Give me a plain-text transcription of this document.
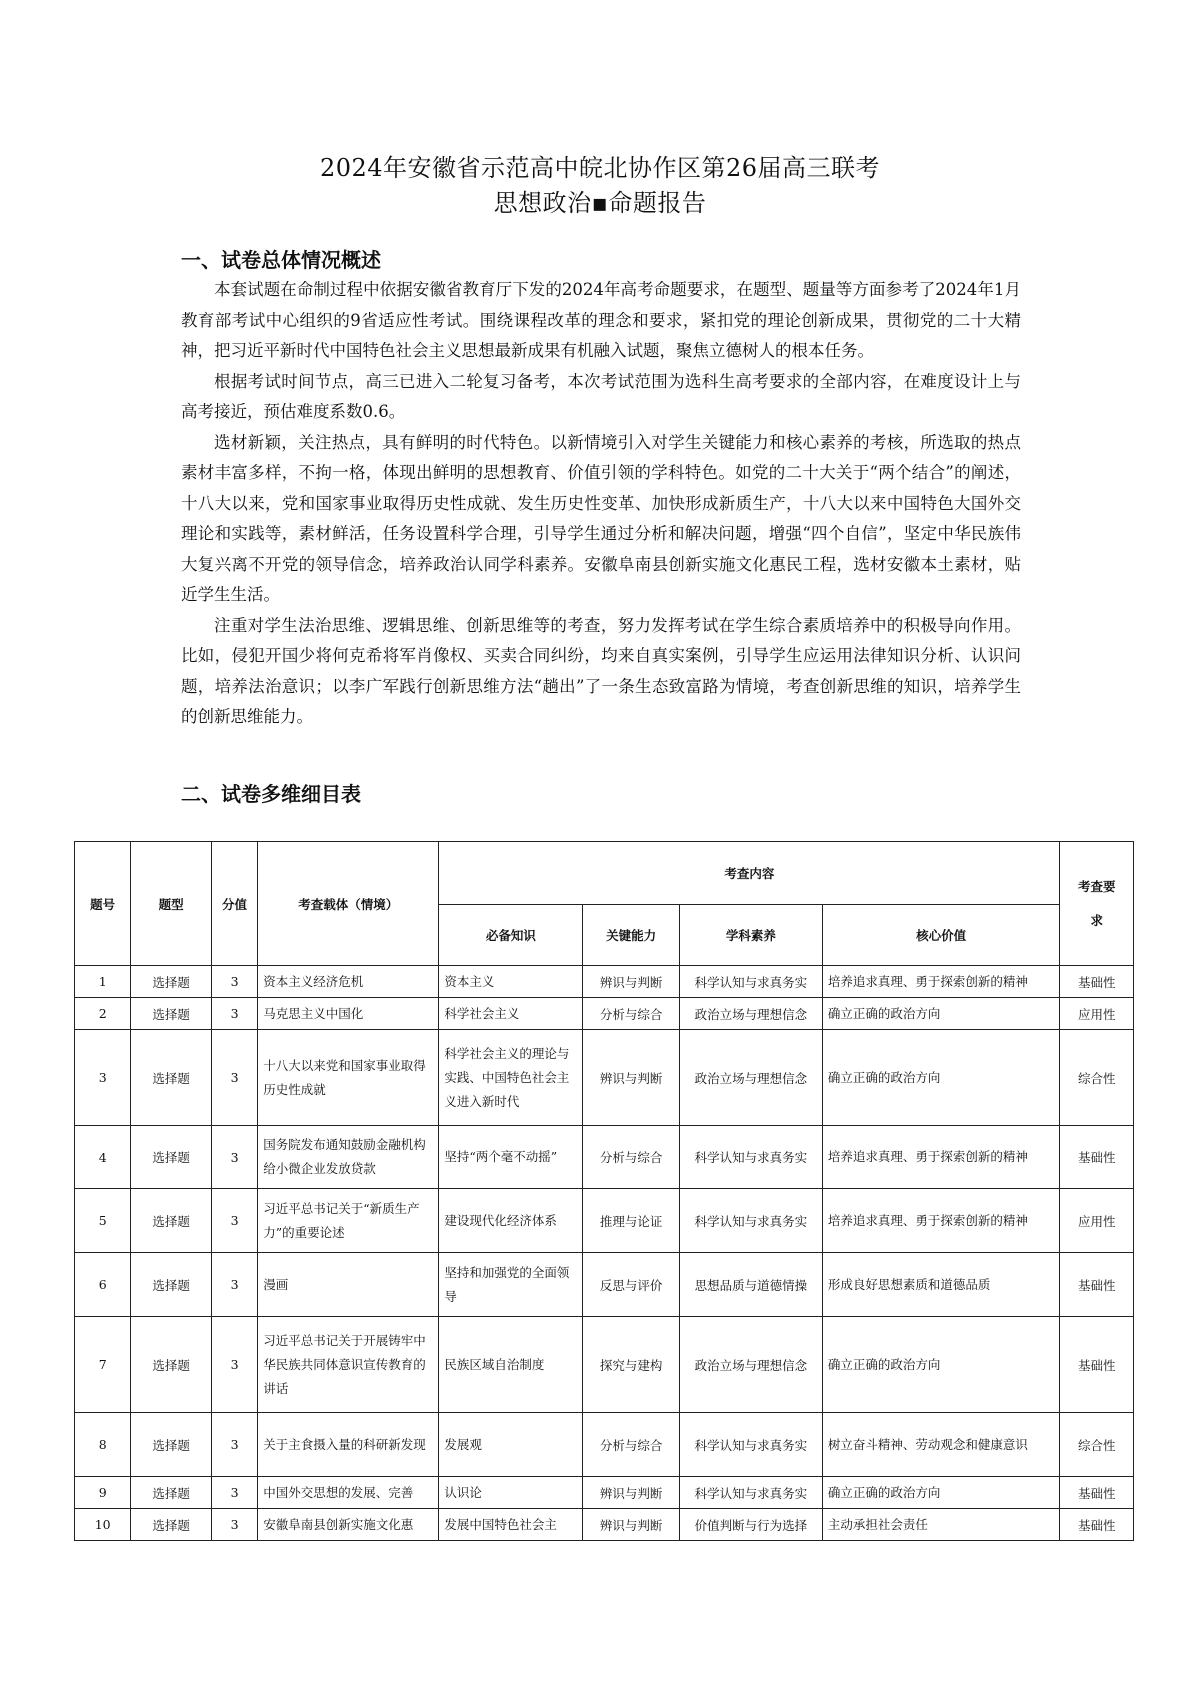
2024年安徽省示范高中皖北协作区第26届高三联考
思想政治▪命题报告
一、试卷总体情况概述

本套试题在命制过程中依据安徽省教育厅下发的2024年高考命题要求，在题型、题量等方面参考了2024年1月教育部考试中心组织的9省适应性考试。围绕课程改革的理念和要求，紧扣党的理论创新成果，贯彻党的二十大精神，把习近平新时代中国特色社会主义思想最新成果有机融入试题，聚焦立德树人的根本任务。

根据考试时间节点，高三已进入二轮复习备考，本次考试范围为选科生高考要求的全部内容，在难度设计上与高考接近，预估难度系数0.6。

选材新颖，关注热点，具有鲜明的时代特色。以新情境引入对学生关键能力和核心素养的考核，所选取的热点素材丰富多样，不拘一格，体现出鲜明的思想教育、价值引领的学科特色。如党的二十大关于“两个结合”的阐述，十八大以来，党和国家事业取得历史性成就、发生历史性变革、加快形成新质生产，十八大以来中国特色大国外交理论和实践等，素材鲜活，任务设置科学合理，引导学生通过分析和解决问题，增强“四个自信”，坚定中华民族伟大复兴离不开党的领导信念，培养政治认同学科素养。安徽阜南县创新实施文化惠民工程，选材安徽本土素材，贴近学生生活。

注重对学生法治思维、逻辑思维、创新思维等的考查，努力发挥考试在学生综合素质培养中的积极导向作用。比如，侵犯开国少将何克希将军肖像权、买卖合同纠纷，均来自真实案例，引导学生应运用法律知识分析、认识问题，培养法治意识；以李广军践行创新思维方法“趟出”了一条生态致富路为情境，考查创新思维的知识，培养学生的创新思维能力。

二、试卷多维细目表
题号	题型	分值	考查载体（情境）	考查内容				考查要
求

				必备知识	关键能力	学科素养	核心价值	
1	选择题	3	资本主义经济危机	资本主义	辨识与判断	科学认知与求真务实	培养追求真理、勇于探索创新的精神	基础性
2	选择题	3	马克思主义中国化	科学社会主义	分析与综合	政治立场与理想信念	确立正确的政治方向	应用性
3	选择题	3	十八大以来党和国家事业取得历史性成就	科学社会主义的理论与实践、中国特色社会主义进入新时代	辨识与判断	政治立场与理想信念	确立正确的政治方向	综合性
4	选择题	3	国务院发布通知鼓励金融机构给小微企业发放贷款	坚持“两个毫不动摇”	分析与综合	科学认知与求真务实	培养追求真理、勇于探索创新的精神	基础性
5	选择题	3	习近平总书记关于“新质生产力”的重要论述	建设现代化经济体系	推理与论证	科学认知与求真务实	培养追求真理、勇于探索创新的精神	应用性
6	选择题	3	漫画	坚持和加强党的全面领导	反思与评价	思想品质与道德情操	形成良好思想素质和道德品质	基础性
7	选择题	3	习近平总书记关于开展铸牢中华民族共同体意识宣传教育的讲话	民族区域自治制度	探究与建构	政治立场与理想信念	确立正确的政治方向	基础性
8	选择题	3	关于主食摄入量的科研新发现	发展观	分析与综合	科学认知与求真务实	树立奋斗精神、劳动观念和健康意识	综合性
9	选择题	3	中国外交思想的发展、完善	认识论	辨识与判断	科学认知与求真务实	确立正确的政治方向	基础性
10	选择题	3	安徽阜南县创新实施文化惠	发展中国特色社会主	辨识与判断	价值判断与行为选择	主动承担社会责任	基础性
